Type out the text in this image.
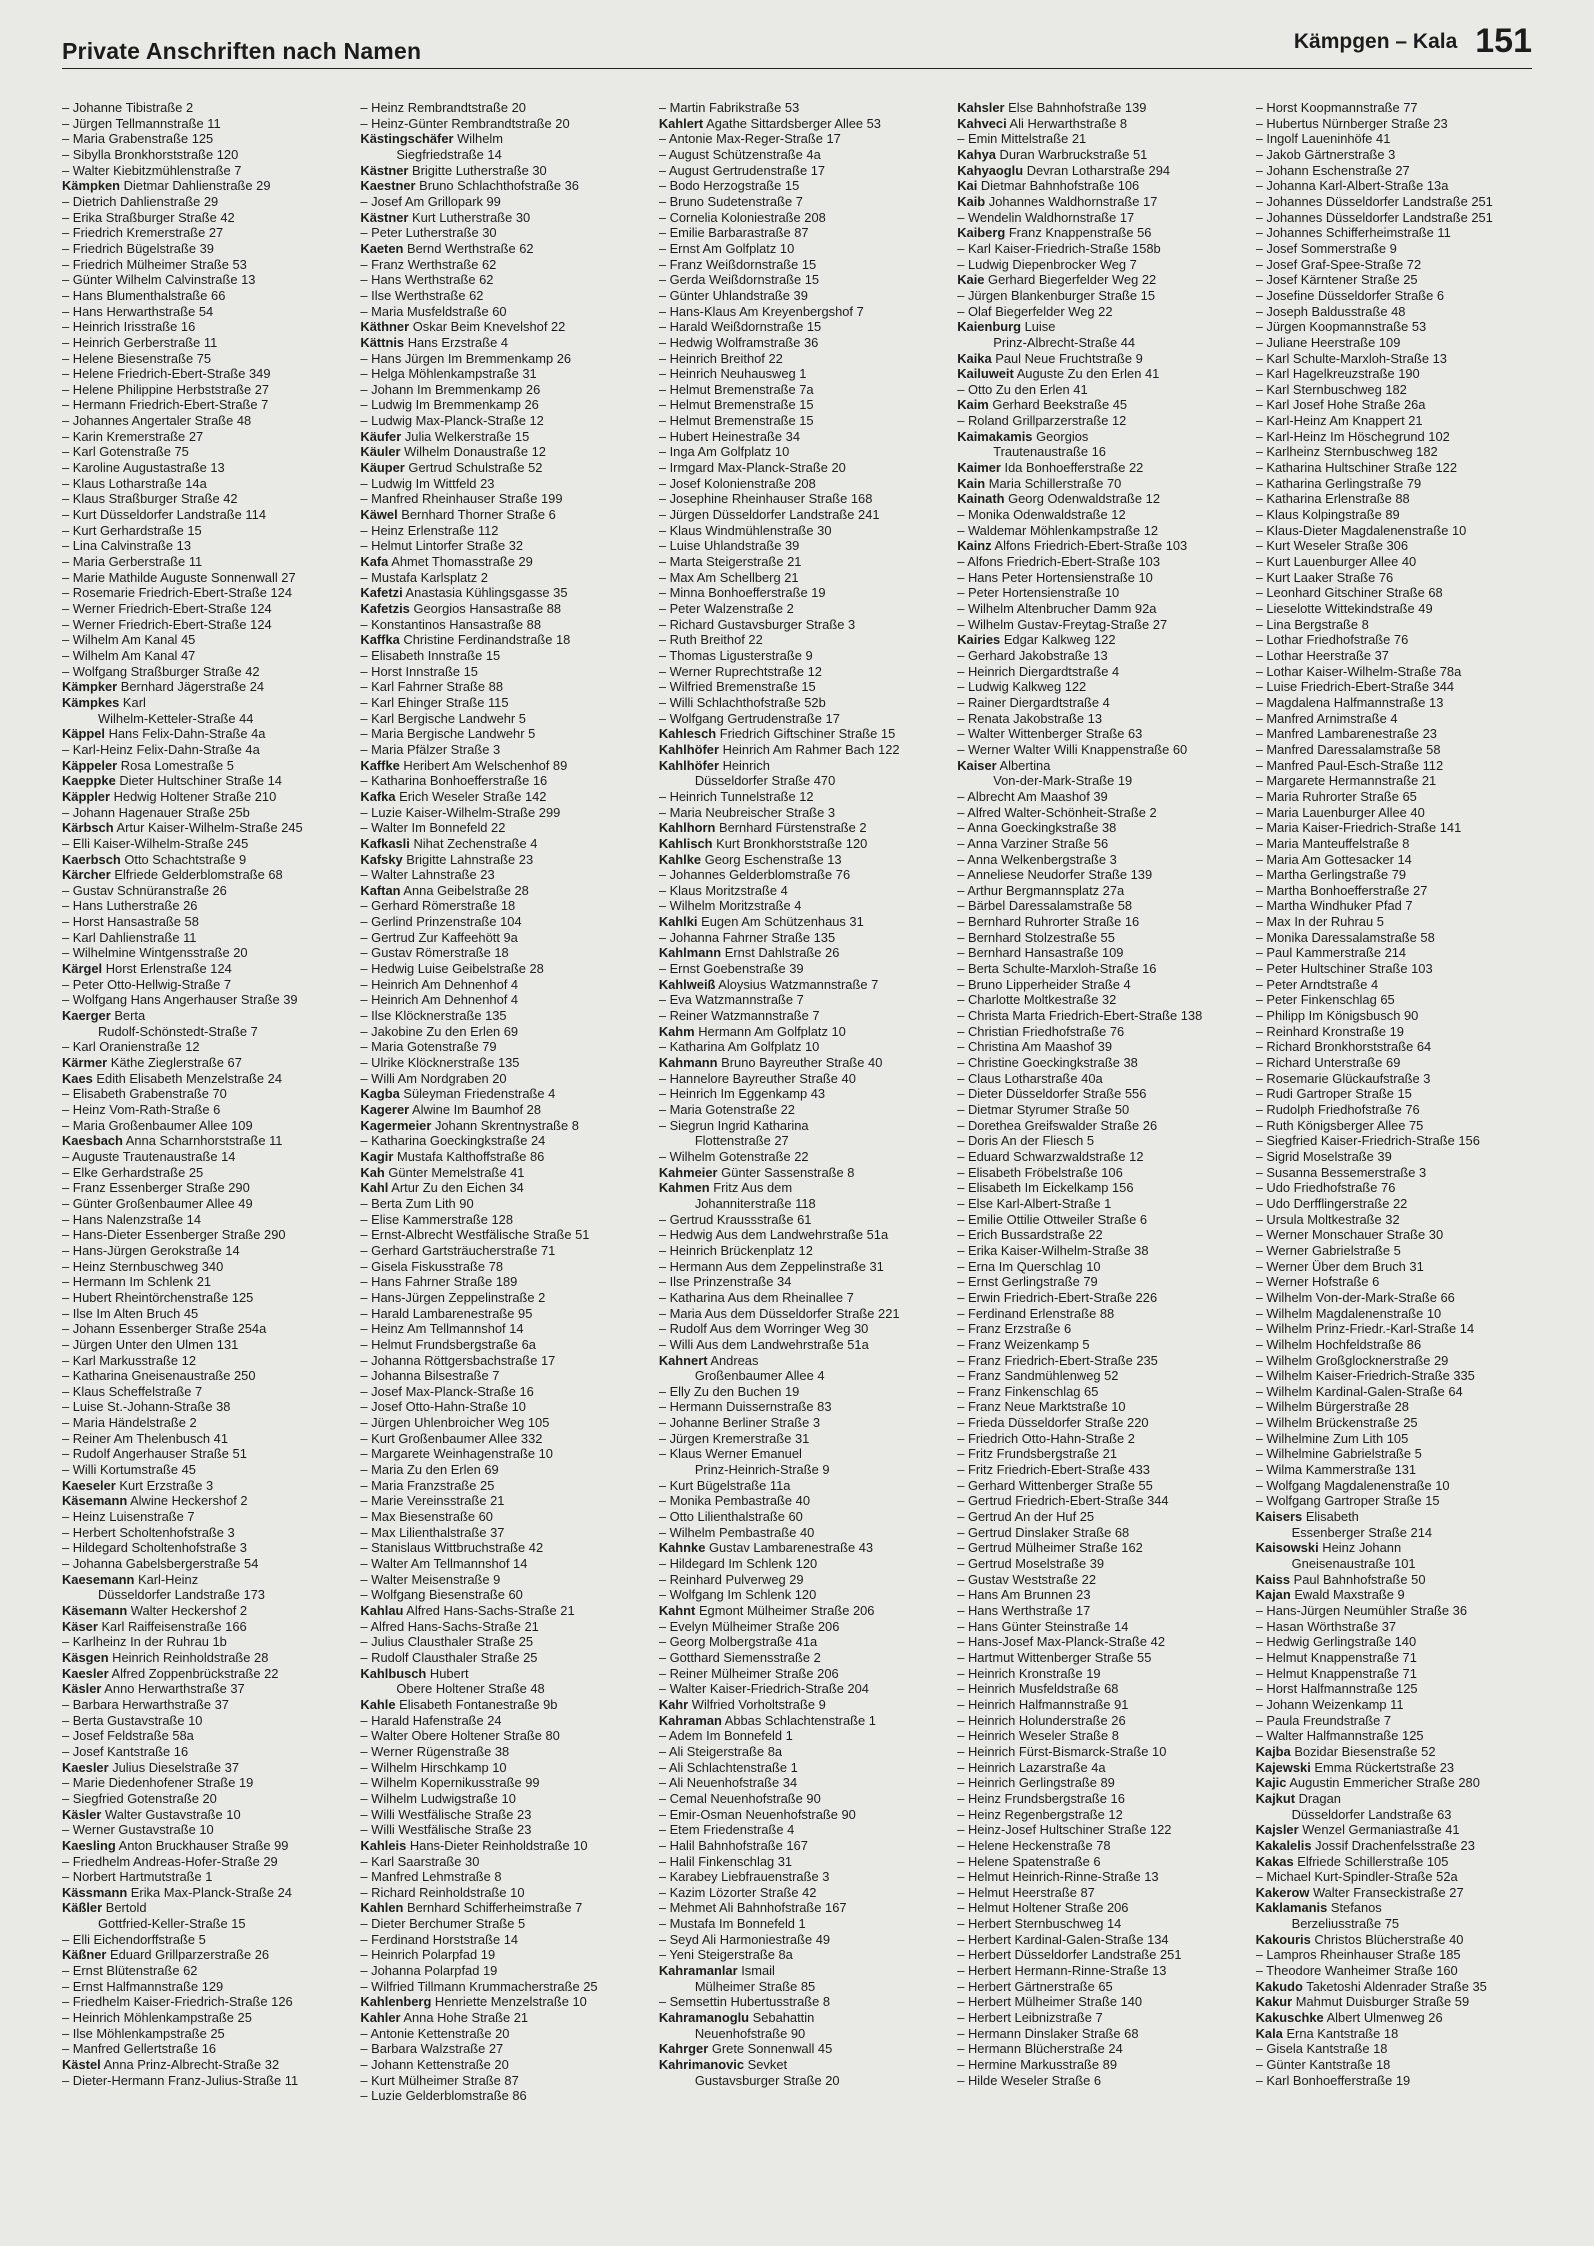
Private Anschriften nach Namen	Kämpgen – Kala 151
– Johanne Tibistraße 2
– Jürgen Tellmannstraße 11
– Maria Grabenstraße 125
– Sibylla Bronkhorststraße 120
– Walter Kiebitzmühlenstraße 7
Kämpken Dietmar Dahlienstraße 29
– Dietrich Dahlienstraße 29
– Erika Straßburger Straße 42
– Friedrich Kremerstraße 27
– Friedrich Bügelstraße 39
– Friedrich Mülheimer Straße 53
– Günter Wilhelm Calvinstraße 13
– Hans Blumenthalstraße 66
– Hans Herwarthstraße 54
– Heinrich Irisstraße 16
– Heinrich Gerberstraße 11
– Helene Biesenstraße 75
– Helene Friedrich-Ebert-Straße 349
– Helene Philippine Herbststraße 27
– Hermann Friedrich-Ebert-Straße 7
– Johannes Angertaler Straße 48
– Karin Kremerstraße 27
– Karl Gotenstraße 75
– Karoline Augustastraße 13
– Klaus Lotharstraße 14a
– Klaus Straßburger Straße 42
– Kurt Düsseldorfer Landstraße 114
– Kurt Gerhardstraße 15
– Lina Calvinstraße 13
– Maria Gerberstraße 11
– Marie Mathilde Auguste Sonnenwall 27
– Rosemarie Friedrich-Ebert-Straße 124
– Werner Friedrich-Ebert-Straße 124
– Werner Friedrich-Ebert-Straße 124
– Wilhelm Am Kanal 45
– Wilhelm Am Kanal 47
– Wolfgang Straßburger Straße 42
Kämpker Bernhard Jägerstraße 24
Kämpkes Karl
Wilhelm-Ketteler-Straße 44
Käppel Hans Felix-Dahn-Straße 4a
– Karl-Heinz Felix-Dahn-Straße 4a
Käppeler Rosa Lomestraße 5
Kaeppke Dieter Hultschiner Straße 14
Käppler Hedwig Holtener Straße 210
– Johann Hagenauer Straße 25b
Kärbsch Artur Kaiser-Wilhelm-Straße 245
– Elli Kaiser-Wilhelm-Straße 245
Kaerbsch Otto Schachtstraße 9
Kärcher Elfriede Gelderblomstraße 68
– Gustav Schnüranstraße 26
– Hans Lutherstraße 26
– Horst Hansastraße 58
– Karl Dahlienstraße 11
– Wilhelmine Wintgensstraße 20
Kärgel Horst Erlenstraße 124
– Peter Otto-Hellwig-Straße 7
– Wolfgang Hans Angerhauser Straße 39
Kaerger Berta
Rudolf-Schönstedt-Straße 7
– Karl Oranienstraße 12
Kärmer Käthe Zieglerstraße 67
Kaes Edith Elisabeth Menzelstraße 24
– Elisabeth Grabenstraße 70
– Heinz Vom-Rath-Straße 6
– Maria Großenbaumer Allee 109
Kaesbach Anna Scharnhorststraße 11
– Auguste Trautenaustraße 14
– Elke Gerhardstraße 25
– Franz Essenberger Straße 290
– Günter Großenbaumer Allee 49
– Hans Nalenzstraße 14
– Hans-Dieter Essenberger Straße 290
– Hans-Jürgen Gerokstraße 14
– Heinz Sternbuschweg 340
– Hermann Im Schlenk 21
– Hubert Rheintörchenstraße 125
– Ilse Im Alten Bruch 45
– Johann Essenberger Straße 254a
– Jürgen Unter den Ulmen 131
– Karl Markusstraße 12
– Katharina Gneisenaustraße 250
– Klaus Scheffelstraße 7
– Luise St.-Johann-Straße 38
– Maria Händelstraße 2
– Reiner Am Thelenbusch 41
– Rudolf Angerhauser Straße 51
– Willi Kortumstraße 45
Kaeseler Kurt Erzstraße 3
Käsemann Alwine Heckershof 2
– Heinz Luisenstraße 7
– Herbert Scholtenhofstraße 3
– Hildegard Scholtenhofstraße 3
– Johanna Gabelsbergerstraße 54
Kaesemann Karl-Heinz
Düsseldorfer Landstraße 173
Käsemann Walter Heckershof 2
Käser Karl Raiffeisenstraße 166
– Karlheinz In der Ruhrau 1b
Käsgen Heinrich Reinholdstraße 28
Kaesler Alfred Zoppenbrückstraße 22
Käsler Anno Herwarthstraße 37
– Barbara Herwarthstraße 37
– Berta Gustavstraße 10
– Josef Feldstraße 58a
– Josef Kantstraße 16
Kaesler Julius Dieselstraße 37
– Marie Diedenhofener Straße 19
– Siegfried Gotenstraße 20
Käsler Walter Gustavstraße 10
– Werner Gustavstraße 10
Kaesling Anton Bruckhauser Straße 99
– Friedhelm Andreas-Hofer-Straße 29
– Norbert Hartmutstraße 1
Kässmann Erika Max-Planck-Straße 24
Käßler Bertold
Gottfried-Keller-Straße 15
– Elli Eichendorffstraße 5
Käßner Eduard Grillparzerstraße 26
– Ernst Blütenstraße 62
– Ernst Halfmannstraße 129
– Friedhelm Kaiser-Friedrich-Straße 126
– Heinrich Möhlenkampstraße 25
– Ilse Möhlenkampstraße 25
– Manfred Gellertstraße 16
Kästel Anna Prinz-Albrecht-Straße 32
– Dieter-Hermann Franz-Julius-Straße 11
– Heinz Rembrandtstraße 20
– Heinz-Günter Rembrandtstraße 20
Kästingschäfer Wilhelm
Siegfriedstraße 14
Kästner Brigitte Lutherstraße 30
Kaestner Bruno Schlachthofstraße 36
– Josef Am Grillopark 99
Kästner Kurt Lutherstraße 30
– Peter Lutherstraße 30
Kaeten Bernd Werthstraße 62
– Franz Werthstraße 62
– Hans Werthstraße 62
– Ilse Werthstraße 62
– Maria Musfeldstraße 60
Käthner Oskar Beim Knevelshof 22
Kättnis Hans Erzstraße 4
– Hans Jürgen Im Bremmenkamp 26
– Helga Möhlenkampstraße 31
– Johann Im Bremmenkamp 26
– Ludwig Im Bremmenkamp 26
– Ludwig Max-Planck-Straße 12
Käufer Julia Welkerstraße 15
Käuler Wilhelm Donaustraße 12
Käuper Gertrud Schulstraße 52
– Ludwig Im Wittfeld 23
– Manfred Rheinhauser Straße 199
Käwel Bernhard Thorner Straße 6
– Heinz Erlenstraße 112
– Helmut Lintorfer Straße 32
Kafa Ahmet Thomasstraße 29
– Mustafa Karlsplatz 2
Kafetzi Anastasia Kühlingsgasse 35
Kafetzis Georgios Hansastraße 88
– Konstantinos Hansastraße 88
Kaffka Christine Ferdinandstraße 18
– Elisabeth Innstraße 15
– Horst Innstraße 15
– Karl Fahrner Straße 88
– Karl Ehinger Straße 115
– Karl Bergische Landwehr 5
– Maria Bergische Landwehr 5
– Maria Pfälzer Straße 3
Kaffke Heribert Am Welschenhof 89
– Katharina Bonhoefferstraße 16
Kafka Erich Weseler Straße 142
– Luzie Kaiser-Wilhelm-Straße 299
– Walter Im Bonnefeld 22
Kafkasli Nihat Zechenstraße 4
Kafsky Brigitte Lahnstraße 23
– Walter Lahnstraße 23
Kaftan Anna Geibelstraße 28
– Gerhard Römerstraße 18
– Gerlind Prinzenstraße 104
– Gertrud Zur Kaffeehött 9a
– Gustav Römerstraße 18
– Hedwig Luise Geibelstraße 28
– Heinrich Am Dehnenhof 4
– Heinrich Am Dehnenhof 4
– Ilse Klöcknerstraße 135
– Jakobine Zu den Erlen 69
– Maria Gotenstraße 79
– Ulrike Klöcknerstraße 135
– Willi Am Nordgraben 20
Kagba Süleyman Friedenstraße 4
Kagerer Alwine Im Baumhof 28
Kagermeier Johann Skrentnystraße 8
– Katharina Goeckingkstraße 24
Kagir Mustafa Kalthoffstraße 86
Kah Günter Memelstraße 41
Kahl Artur Zu den Eichen 34
– Berta Zum Lith 90
– Elise Kammerstraße 128
– Ernst-Albrecht Westfälische Straße 51
– Gerhard Gartsträucherstraße 71
– Gisela Fiskusstraße 78
– Hans Fahrner Straße 189
– Hans-Jürgen Zeppelinstraße 2
– Harald Lambarenestraße 95
– Heinz Am Tellmannshof 14
– Helmut Frundsbergstraße 6a
– Johanna Röttgersbachstraße 17
– Johanna Bilsestraße 7
– Josef Max-Planck-Straße 16
– Josef Otto-Hahn-Straße 10
– Jürgen Uhlenbroicher Weg 105
– Kurt Großenbaumer Allee 332
– Margarete Weinhagenstraße 10
– Maria Zu den Erlen 69
– Maria Franzstraße 25
– Marie Vereinsstraße 21
– Max Biesenstraße 60
– Max Lilienthalstraße 37
– Stanislaus Wittbruchstraße 42
– Walter Am Tellmannshof 14
– Walter Meisenstraße 9
– Wolfgang Biesenstraße 60
Kahlau Alfred Hans-Sachs-Straße 21
– Alfred Hans-Sachs-Straße 21
– Julius Clausthaler Straße 25
– Rudolf Clausthaler Straße 25
Kahlbusch Hubert
Obere Holtener Straße 48
Kahle Elisabeth Fontanestraße 9b
– Harald Hafenstraße 24
– Walter Obere Holtener Straße 80
– Werner Rügenstraße 38
– Wilhelm Hirschkamp 10
– Wilhelm Kopernikusstraße 99
– Wilhelm Ludwigstraße 10
– Willi Westfälische Straße 23
– Willi Westfälische Straße 23
Kahleis Hans-Dieter Reinholdstraße 10
– Karl Saarstraße 30
– Manfred Lehmstraße 8
– Richard Reinholdstraße 10
Kahlen Bernhard Schifferheimstraße 7
– Dieter Berchumer Straße 5
– Ferdinand Horststraße 14
– Heinrich Polarpfad 19
– Johanna Polarpfad 19
– Wilfried Tillmann Krummacherstraße 25
Kahlenberg Henriette Menzelstraße 10
Kahler Anna Hohe Straße 21
– Antonie Kettenstraße 20
– Barbara Walzstraße 27
– Johann Kettenstraße 20
– Kurt Mülheimer Straße 87
– Luzie Gelderblomstraße 86
– Martin Fabrikstraße 53
Kahlert Agathe Sittardsberger Allee 53
– Antonie Max-Reger-Straße 17
– August Schützenstraße 4a
– August Gertrudenstraße 17
– Bodo Herzogstraße 15
– Bruno Sudetenstraße 7
– Cornelia Koloniestraße 208
– Emilie Barbarastraße 87
– Ernst Am Golfplatz 10
– Franz Weißdornstraße 15
– Gerda Weißdornstraße 15
– Günter Uhlandstraße 39
– Hans-Klaus Am Kreyenbergshof 7
– Harald Weißdornstraße 15
– Hedwig Wolframstraße 36
– Heinrich Breithof 22
– Heinrich Neuhausweg 1
– Helmut Bremenstraße 7a
– Helmut Bremenstraße 15
– Helmut Bremenstraße 15
– Hubert Heinestraße 34
– Inga Am Golfplatz 10
– Irmgard Max-Planck-Straße 20
– Josef Kolonienstraße 208
– Josephine Rheinhauser Straße 168
– Jürgen Düsseldorfer Landstraße 241
– Klaus Windmühlenstraße 30
– Luise Uhlandstraße 39
– Marta Steigerstraße 21
– Max Am Schellberg 21
– Minna Bonhoefferstraße 19
– Peter Walzenstraße 2
– Richard Gustavsburger Straße 3
– Ruth Breithof 22
– Thomas Ligusterstraße 9
– Werner Ruprechtstraße 12
– Wilfried Bremenstraße 15
– Willi Schlachthofstraße 52b
– Wolfgang Gertrudenstraße 17
Kahlesch Friedrich Giftschiner Straße 15
Kahlhöfer Heinrich Am Rahmer Bach 122
Kahlhöfer Heinrich
Düsseldorfer Straße 470
– Heinrich Tunnelstraße 12
– Maria Neubreischer Straße 3
Kahlhorn Bernhard Fürstenstraße 2
Kahlisch Kurt Bronkhorststraße 120
Kahlke Georg Eschenstraße 13
– Johannes Gelderblomstraße 76
– Klaus Moritzstraße 4
– Wilhelm Moritzstraße 4
Kahlki Eugen Am Schützenhaus 31
– Johanna Fahrner Straße 135
Kahlmann Ernst Dahlstraße 26
– Ernst Goebenstraße 39
Kahlweiß Aloysius Watzmannstraße 7
– Eva Watzmannstraße 7
– Reiner Watzmannstraße 7
Kahm Hermann Am Golfplatz 10
– Katharina Am Golfplatz 10
Kahmann Bruno Bayreuther Straße 40
– Hannelore Bayreuther Straße 40
– Heinrich Im Eggenkamp 43
– Maria Gotenstraße 22
– Siegrun Ingrid Katharina
Flottenstraße 27
– Wilhelm Gotenstraße 22
Kahmeier Günter Sassenstraße 8
Kahmen Fritz Aus dem
Johanniterstraße 118
– Gertrud Kraussstraße 61
– Hedwig Aus dem Landwehrstraße 51a
– Heinrich Brückenplatz 12
– Hermann Aus dem Zeppelinstraße 31
– Ilse Prinzenstraße 34
– Katharina Aus dem Rheinallee 7
– Maria Aus dem Düsseldorfer Straße 221
– Rudolf Aus dem Worringer Weg 30
– Willi Aus dem Landwehrstraße 51a
Kahnert Andreas
Großenbaumer Allee 4
– Elly Zu den Buchen 19
– Hermann Duissernstraße 83
– Johanne Berliner Straße 3
– Jürgen Kremerstraße 31
– Klaus Werner Emanuel
Prinz-Heinrich-Straße 9
– Kurt Bügelstraße 11a
– Monika Pembastraße 40
– Otto Lilienthalstraße 60
– Wilhelm Pembastraße 40
Kahnke Gustav Lambarenestraße 43
– Hildegard Im Schlenk 120
– Reinhard Pulverweg 29
– Wolfgang Im Schlenk 120
Kahnt Egmont Mülheimer Straße 206
– Evelyn Mülheimer Straße 206
– Georg Molbergstraße 41a
– Gotthard Siemensstraße 2
– Reiner Mülheimer Straße 206
– Walter Kaiser-Friedrich-Straße 204
Kahr Wilfried Vorholtstraße 9
Kahraman Abbas Schlachtenstraße 1
– Adem Im Bonnefeld 1
– Ali Steigerstraße 8a
– Ali Schlachtenstraße 1
– Ali Neuenhofstraße 34
– Cemal Neuenhofstraße 90
– Emir-Osman Neuenhofstraße 90
– Etem Friedenstraße 4
– Halil Bahnhofstraße 167
– Halil Finkenschlag 31
– Karabey Liebfrauenstraße 3
– Kazim Lözorter Straße 42
– Mehmet Ali Bahnhofstraße 167
– Mustafa Im Bonnefeld 1
– Seyd Ali Harmoniestraße 49
– Yeni Steigerstraße 8a
Kahramanlar Ismail
Mülheimer Straße 85
– Semsettin Hubertusstraße 8
Kahramanoglu Sebahattin
Neuenhofstraße 90
Kahrger Grete Sonnenwall 45
Kahrimanovic Sevket
Gustavsburger Straße 20
Kahsler Else Bahnhofstraße 139
Kahveci Ali Herwarthstraße 8
– Emin Mittelstraße 21
Kahya Duran Warbruckstraße 51
Kahyaoglu Devran Lotharstraße 294
Kai Dietmar Bahnhofstraße 106
Kaib Johannes Waldhornstraße 17
– Wendelin Waldhornstraße 17
Kaiberg Franz Knappenstraße 56
– Karl Kaiser-Friedrich-Straße 158b
– Ludwig Diepenbrocker Weg 7
Kaie Gerhard Biegerfelder Weg 22
– Jürgen Blankenburger Straße 15
– Olaf Biegerfelder Weg 22
Kaienburg Luise
Prinz-Albrecht-Straße 44
Kaika Paul Neue Fruchtstraße 9
Kailuweit Auguste Zu den Erlen 41
– Otto Zu den Erlen 41
Kaim Gerhard Beekstraße 45
– Roland Grillparzerstraße 12
Kaimakamis Georgios
Trautenaustraße 16
Kaimer Ida Bonhoefferstraße 22
Kain Maria Schillerstraße 70
Kainath Georg Odenwaldstraße 12
– Monika Odenwaldstraße 12
– Waldemar Möhlenkampstraße 12
Kainz Alfons Friedrich-Ebert-Straße 103
– Alfons Friedrich-Ebert-Straße 103
– Hans Peter Hortensienstraße 10
– Peter Hortensienstraße 10
– Wilhelm Altenbrucher Damm 92a
– Wilhelm Gustav-Freytag-Straße 27
Kairies Edgar Kalkweg 122
– Gerhard Jakobstraße 13
– Heinrich Diergardtstraße 4
– Ludwig Kalkweg 122
– Rainer Diergardtstraße 4
– Renata Jakobstraße 13
– Walter Wittenberger Straße 63
– Werner Walter Willi Knappenstraße 60
Kaiser Albertina
Von-der-Mark-Straße 19
– Albrecht Am Maashof 39
– Alfred Walter-Schönheit-Straße 2
– Anna Goeckingkstraße 38
– Anna Varziner Straße 56
– Anna Welkenbergstraße 3
– Anneliese Neudorfer Straße 139
– Arthur Bergmannsplatz 27a
– Bärbel Daressalamstraße 58
– Bernhard Ruhrorter Straße 16
– Bernhard Stolzestraße 55
– Bernhard Hansastraße 109
– Berta Schulte-Marxloh-Straße 16
– Bruno Lipperheider Straße 4
– Charlotte Moltkestraße 32
– Christa Marta Friedrich-Ebert-Straße 138
– Christian Friedhofstraße 76
– Christina Am Maashof 39
– Christine Goeckingkstraße 38
– Claus Lotharstraße 40a
– Dieter Düsseldorfer Straße 556
– Dietmar Styrumer Straße 50
– Dorethea Greifswalder Straße 26
– Doris An der Fliesch 5
– Eduard Schwarzwaldstraße 12
– Elisabeth Fröbelstraße 106
– Elisabeth Im Eickelkamp 156
– Else Karl-Albert-Straße 1
– Emilie Ottilie Ottweiler Straße 6
– Erich Bussardstraße 22
– Erika Kaiser-Wilhelm-Straße 38
– Erna Im Querschlag 10
– Ernst Gerlingstraße 79
– Erwin Friedrich-Ebert-Straße 226
– Ferdinand Erlenstraße 88
– Franz Erzstraße 6
– Franz Weizenkamp 5
– Franz Friedrich-Ebert-Straße 235
– Franz Sandmühlenweg 52
– Franz Finkenschlag 65
– Franz Neue Marktstraße 10
– Frieda Düsseldorfer Straße 220
– Friedrich Otto-Hahn-Straße 2
– Fritz Frundsbergstraße 21
– Fritz Friedrich-Ebert-Straße 433
– Gerhard Wittenberger Straße 55
– Gertrud Friedrich-Ebert-Straße 344
– Gertrud An der Huf 25
– Gertrud Dinslaker Straße 68
– Gertrud Mülheimer Straße 162
– Gertrud Moselstraße 39
– Gustav Weststraße 22
– Hans Am Brunnen 23
– Hans Werthstraße 17
– Hans Günter Steinstraße 14
– Hans-Josef Max-Planck-Straße 42
– Hartmut Wittenberger Straße 55
– Heinrich Kronstraße 19
– Heinrich Musfeldstraße 68
– Heinrich Halfmannstraße 91
– Heinrich Holunderstraße 26
– Heinrich Weseler Straße 8
– Heinrich Fürst-Bismarck-Straße 10
– Heinrich Lazarstraße 4a
– Heinrich Gerlingstraße 89
– Heinz Frundsbergstraße 16
– Heinz Regenbergstraße 12
– Heinz-Josef Hultschiner Straße 122
– Helene Heckenstraße 78
– Helene Spatenstraße 6
– Helmut Heinrich-Rinne-Straße 13
– Helmut Heerstraße 87
– Helmut Holtener Straße 206
– Herbert Sternbuschweg 14
– Herbert Kardinal-Galen-Straße 134
– Herbert Düsseldorfer Landstraße 251
– Herbert Hermann-Rinne-Straße 13
– Herbert Gärtnerstraße 65
– Herbert Mülheimer Straße 140
– Herbert Leibnizstraße 7
– Hermann Dinslaker Straße 68
– Hermann Blücherstraße 24
– Hermine Markusstraße 89
– Hilde Weseler Straße 6
– Horst Koopmannstraße 77
– Hubertus Nürnberger Straße 23
– Ingolf Laueninhöfe 41
– Jakob Gärtnerstraße 3
– Johann Eschenstraße 27
– Johanna Karl-Albert-Straße 13a
– Johannes Düsseldorfer Landstraße 251
– Johannes Düsseldorfer Landstraße 251
– Johannes Schifferheimstraße 11
– Josef Sommerstraße 9
– Josef Graf-Spee-Straße 72
– Josef Kärntener Straße 25
– Josefine Düsseldorfer Straße 6
– Joseph Baldusstraße 48
– Jürgen Koopmannstraße 53
– Juliane Heerstraße 109
– Karl Schulte-Marxloh-Straße 13
– Karl Hagelkreuzstraße 190
– Karl Sternbuschweg 182
– Karl Josef Hohe Straße 26a
– Karl-Heinz Am Knappert 21
– Karl-Heinz Im Höschegrund 102
– Karlheinz Sternbuschweg 182
– Katharina Hultschiner Straße 122
– Katharina Gerlingstraße 79
– Katharina Erlenstraße 88
– Klaus Kolpingstraße 89
– Klaus-Dieter Magdalenenstraße 10
– Kurt Weseler Straße 306
– Kurt Lauenburger Allee 40
– Kurt Laaker Straße 76
– Leonhard Gitschiner Straße 68
– Lieselotte Wittekindstraße 49
– Lina Bergstraße 8
– Lothar Friedhofstraße 76
– Lothar Heerstraße 37
– Lothar Kaiser-Wilhelm-Straße 78a
– Luise Friedrich-Ebert-Straße 344
– Magdalena Halfmannstraße 13
– Manfred Arnimstraße 4
– Manfred Lambarenestraße 23
– Manfred Daressalamstraße 58
– Manfred Paul-Esch-Straße 112
– Margarete Hermannstraße 21
– Maria Ruhrorter Straße 65
– Maria Lauenburger Allee 40
– Maria Kaiser-Friedrich-Straße 141
– Maria Manteuffelstraße 8
– Maria Am Gottesacker 14
– Martha Gerlingstraße 79
– Martha Bonhoefferstraße 27
– Martha Windhuker Pfad 7
– Max In der Ruhrau 5
– Monika Daressalamstraße 58
– Paul Kammerstraße 214
– Peter Hultschiner Straße 103
– Peter Arndtstraße 4
– Peter Finkenschlag 65
– Philipp Im Königsbusch 90
– Reinhard Kronstraße 19
– Richard Bronkhorststraße 64
– Richard Unterstraße 69
– Rosemarie Glückaufstraße 3
– Rudi Gartroper Straße 15
– Rudolph Friedhofstraße 76
– Ruth Königsberger Allee 75
– Siegfried Kaiser-Friedrich-Straße 156
– Sigrid Moselstraße 39
– Susanna Bessemerstraße 3
– Udo Friedhofstraße 76
– Udo Derfflingerstraße 22
– Ursula Moltkestraße 32
– Werner Monschauer Straße 30
– Werner Gabrielstraße 5
– Werner Über dem Bruch 31
– Werner Hofstraße 6
– Wilhelm Von-der-Mark-Straße 66
– Wilhelm Magdalenenstraße 10
– Wilhelm Prinz-Friedr.-Karl-Straße 14
– Wilhelm Hochfeldstraße 86
– Wilhelm Großglocknerstraße 29
– Wilhelm Kaiser-Friedrich-Straße 335
– Wilhelm Kardinal-Galen-Straße 64
– Wilhelm Bürgerstraße 28
– Wilhelm Brückenstraße 25
– Wilhelmine Zum Lith 105
– Wilhelmine Gabrielstraße 5
– Wilma Kammerstraße 131
– Wolfgang Magdalenenstraße 10
– Wolfgang Gartroper Straße 15
Kaisers Elisabeth
Essenberger Straße 214
Kaisowski Heinz Johann
Gneisenaustraße 101
Kaiss Paul Bahnhofstraße 50
Kajan Ewald Maxstraße 9
– Hans-Jürgen Neumühler Straße 36
– Hasan Wörthstraße 37
– Hedwig Gerlingstraße 140
– Helmut Knappenstraße 71
– Helmut Knappenstraße 71
– Horst Halfmannstraße 125
– Johann Weizenkamp 11
– Paula Freundstraße 7
– Walter Halfmannstraße 125
Kajba Bozidar Biesenstraße 52
Kajewski Emma Rückertstraße 23
Kajic Augustin Emmericher Straße 280
Kajkut Dragan
Düsseldorfer Landstraße 63
Kajsler Wenzel Germaniastraße 41
Kakalelis Jossif Drachenfelsstraße 23
Kakas Elfriede Schillerstraße 105
– Michael Kurt-Spindler-Straße 52a
Kakerow Walter Franseckistraße 27
Kaklamanis Stefanos
Berzeliusstraße 75
Kakouris Christos Blücherstraße 40
– Lampros Rheinhauser Straße 185
– Theodore Wanheimer Straße 160
Kakudo Taketoshi Aldenrader Straße 35
Kakur Mahmut Duisburger Straße 59
Kakuschke Albert Ulmenweg 26
Kala Erna Kantstraße 18
– Gisela Kantstraße 18
– Günter Kantstraße 18
– Karl Bonhoefferstraße 19
